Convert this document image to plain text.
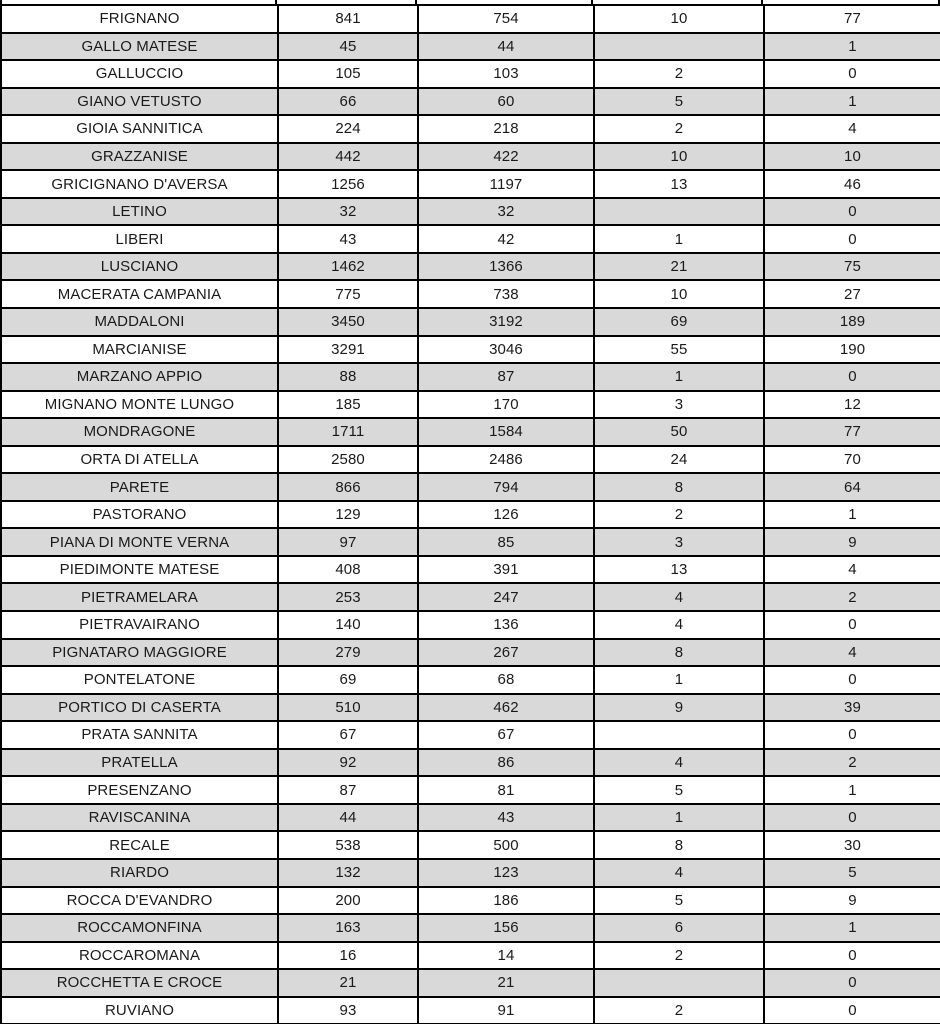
FRIGNANO	841	754	10	77
GALLO MATESE	45	44		1
GALLUCCIO	105	103	2	0
GIANO VETUSTO	66	60	5	1
GIOIA SANNITICA	224	218	2	4
GRAZZANISE	442	422	10	10
GRICIGNANO D'AVERSA	1256	1197	13	46
LETINO	32	32		0
LIBERI	43	42	1	0
LUSCIANO	1462	1366	21	75
MACERATA CAMPANIA	775	738	10	27
MADDALONI	3450	3192	69	189
MARCIANISE	3291	3046	55	190
MARZANO APPIO	88	87	1	0
MIGNANO MONTE LUNGO	185	170	3	12
MONDRAGONE	1711	1584	50	77
ORTA DI ATELLA	2580	2486	24	70
PARETE	866	794	8	64
PASTORANO	129	126	2	1
PIANA DI MONTE VERNA	97	85	3	9
PIEDIMONTE MATESE	408	391	13	4
PIETRAMELARA	253	247	4	2
PIETRAVAIRANO	140	136	4	0
PIGNATARO MAGGIORE	279	267	8	4
PONTELATONE	69	68	1	0
PORTICO DI CASERTA	510	462	9	39
PRATA SANNITA	67	67		0
PRATELLA	92	86	4	2
PRESENZANO	87	81	5	1
RAVISCANINA	44	43	1	0
RECALE	538	500	8	30
RIARDO	132	123	4	5
ROCCA D'EVANDRO	200	186	5	9
ROCCAMONFINA	163	156	6	1
ROCCAROMANA	16	14	2	0
ROCCHETTA E CROCE	21	21		0
RUVIANO	93	91	2	0
